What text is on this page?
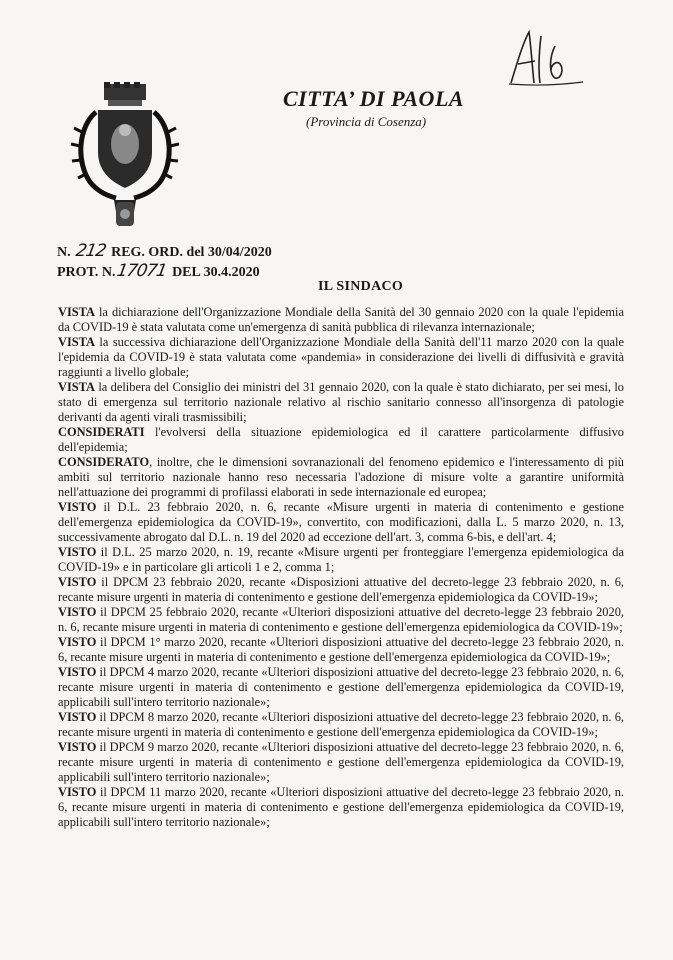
CITTA’ DI PAOLA
(Provincia di Cosenza)
N. 212 REG. ORD. del 30/04/2020
PROT. N.17071 DEL 30.4.2020
IL SINDACO

VISTA la dichiarazione dell'Organizzazione Mondiale della Sanità del 30 gennaio 2020 con la quale l'epidemia da COVID-19 è stata valutata come un'emergenza di sanità pubblica di rilevanza internazionale;

VISTA la successiva dichiarazione dell'Organizzazione Mondiale della Sanità dell'11 marzo 2020 con la quale l'epidemia da COVID-19 è stata valutata come «pandemia» in considerazione dei livelli di diffusività e gravità raggiunti a livello globale;

VISTA la delibera del Consiglio dei ministri del 31 gennaio 2020, con la quale è stato dichiarato, per sei mesi, lo stato di emergenza sul territorio nazionale relativo al rischio sanitario connesso all'insorgenza di patologie derivanti da agenti virali trasmissibili;

CONSIDERATI l'evolversi della situazione epidemiologica ed il carattere particolarmente diffusivo dell'epidemia;

CONSIDERATO, inoltre, che le dimensioni sovranazionali del fenomeno epidemico e l'interessamento di più ambiti sul territorio nazionale hanno reso necessaria l'adozione di misure volte a garantire uniformità nell'attuazione dei programmi di profilassi elaborati in sede internazionale ed europea;

VISTO il D.L. 23 febbraio 2020, n. 6, recante «Misure urgenti in materia di contenimento e gestione dell'emergenza epidemiologica da COVID-19», convertito, con modificazioni, dalla L. 5 marzo 2020, n. 13, successivamente abrogato dal D.L. n. 19 del 2020 ad eccezione dell'art. 3, comma 6-bis, e dell'art. 4;

VISTO il D.L. 25 marzo 2020, n. 19, recante «Misure urgenti per fronteggiare l'emergenza epidemiologica da COVID-19» e in particolare gli articoli 1 e 2, comma 1;

VISTO il DPCM 23 febbraio 2020, recante «Disposizioni attuative del decreto-legge 23 febbraio 2020, n. 6, recante misure urgenti in materia di contenimento e gestione dell'emergenza epidemiologica da COVID-19»;

VISTO il DPCM 25 febbraio 2020, recante «Ulteriori disposizioni attuative del decreto-legge 23 febbraio 2020, n. 6, recante misure urgenti in materia di contenimento e gestione dell'emergenza epidemiologica da COVID-19»;

VISTO il DPCM 1° marzo 2020, recante «Ulteriori disposizioni attuative del decreto-legge 23 febbraio 2020, n. 6, recante misure urgenti in materia di contenimento e gestione dell'emergenza epidemiologica da COVID-19»;

VISTO il DPCM 4 marzo 2020, recante «Ulteriori disposizioni attuative del decreto-legge 23 febbraio 2020, n. 6, recante misure urgenti in materia di contenimento e gestione dell'emergenza epidemiologica da COVID-19, applicabili sull'intero territorio nazionale»;

VISTO il DPCM 8 marzo 2020, recante «Ulteriori disposizioni attuative del decreto-legge 23 febbraio 2020, n. 6, recante misure urgenti in materia di contenimento e gestione dell'emergenza epidemiologica da COVID-19»;

VISTO il DPCM 9 marzo 2020, recante «Ulteriori disposizioni attuative del decreto-legge 23 febbraio 2020, n. 6, recante misure urgenti in materia di contenimento e gestione dell'emergenza epidemiologica da COVID-19, applicabili sull'intero territorio nazionale»;

VISTO il DPCM 11 marzo 2020, recante «Ulteriori disposizioni attuative del decreto-legge 23 febbraio 2020, n. 6, recante misure urgenti in materia di contenimento e gestione dell'emergenza epidemiologica da COVID-19, applicabili sull'intero territorio nazionale»;
